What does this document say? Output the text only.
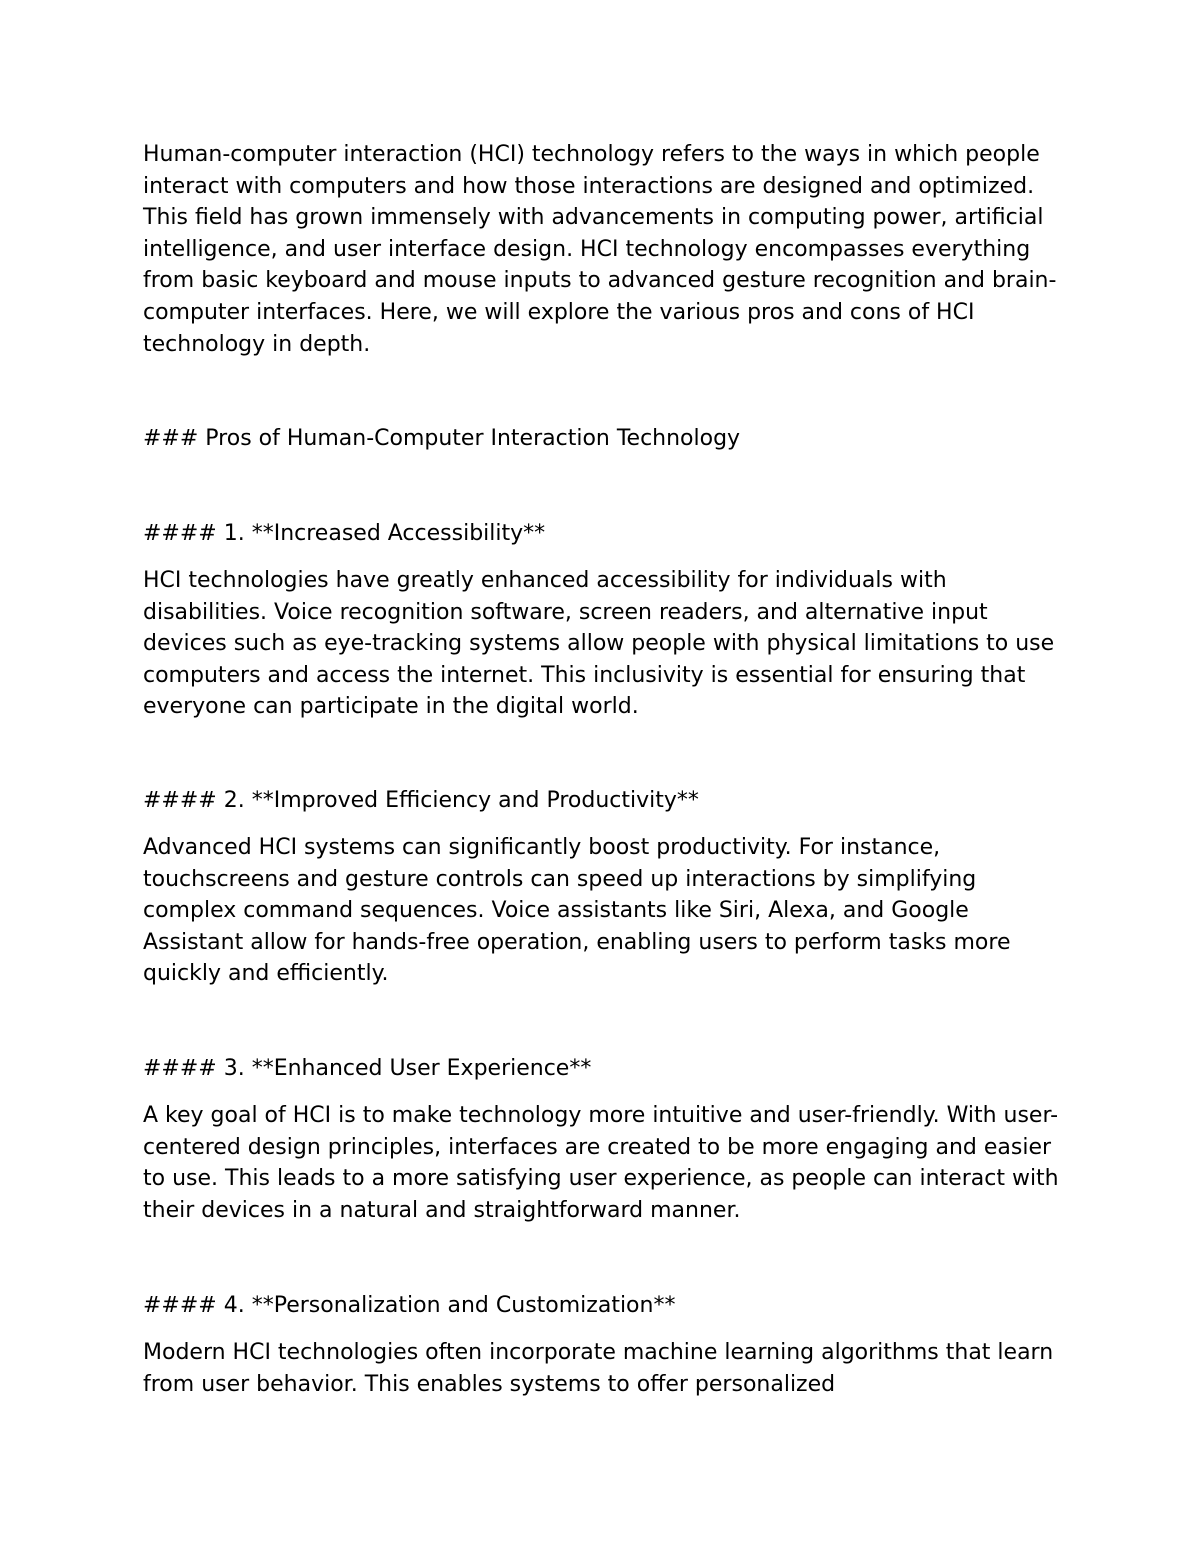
Human-computer interaction (HCI) technology refers to the ways in which people interact with computers and how those interactions are designed and optimized. This field has grown immensely with advancements in computing power, artificial intelligence, and user interface design. HCI technology encompasses everything from basic keyboard and mouse inputs to advanced gesture recognition and brain-computer interfaces. Here, we will explore the various pros and cons of HCI technology in depth.

### Pros of Human-Computer Interaction Technology

#### 1. **Increased Accessibility**

HCI technologies have greatly enhanced accessibility for individuals with disabilities. Voice recognition software, screen readers, and alternative input devices such as eye-tracking systems allow people with physical limitations to use computers and access the internet. This inclusivity is essential for ensuring that everyone can participate in the digital world.

#### 2. **Improved Efficiency and Productivity**

Advanced HCI systems can significantly boost productivity. For instance, touchscreens and gesture controls can speed up interactions by simplifying complex command sequences. Voice assistants like Siri, Alexa, and Google Assistant allow for hands-free operation, enabling users to perform tasks more quickly and efficiently.

#### 3. **Enhanced User Experience**

A key goal of HCI is to make technology more intuitive and user-friendly. With user-centered design principles, interfaces are created to be more engaging and easier to use. This leads to a more satisfying user experience, as people can interact with their devices in a natural and straightforward manner.

#### 4. **Personalization and Customization**

Modern HCI technologies often incorporate machine learning algorithms that learn from user behavior. This enables systems to offer personalized
